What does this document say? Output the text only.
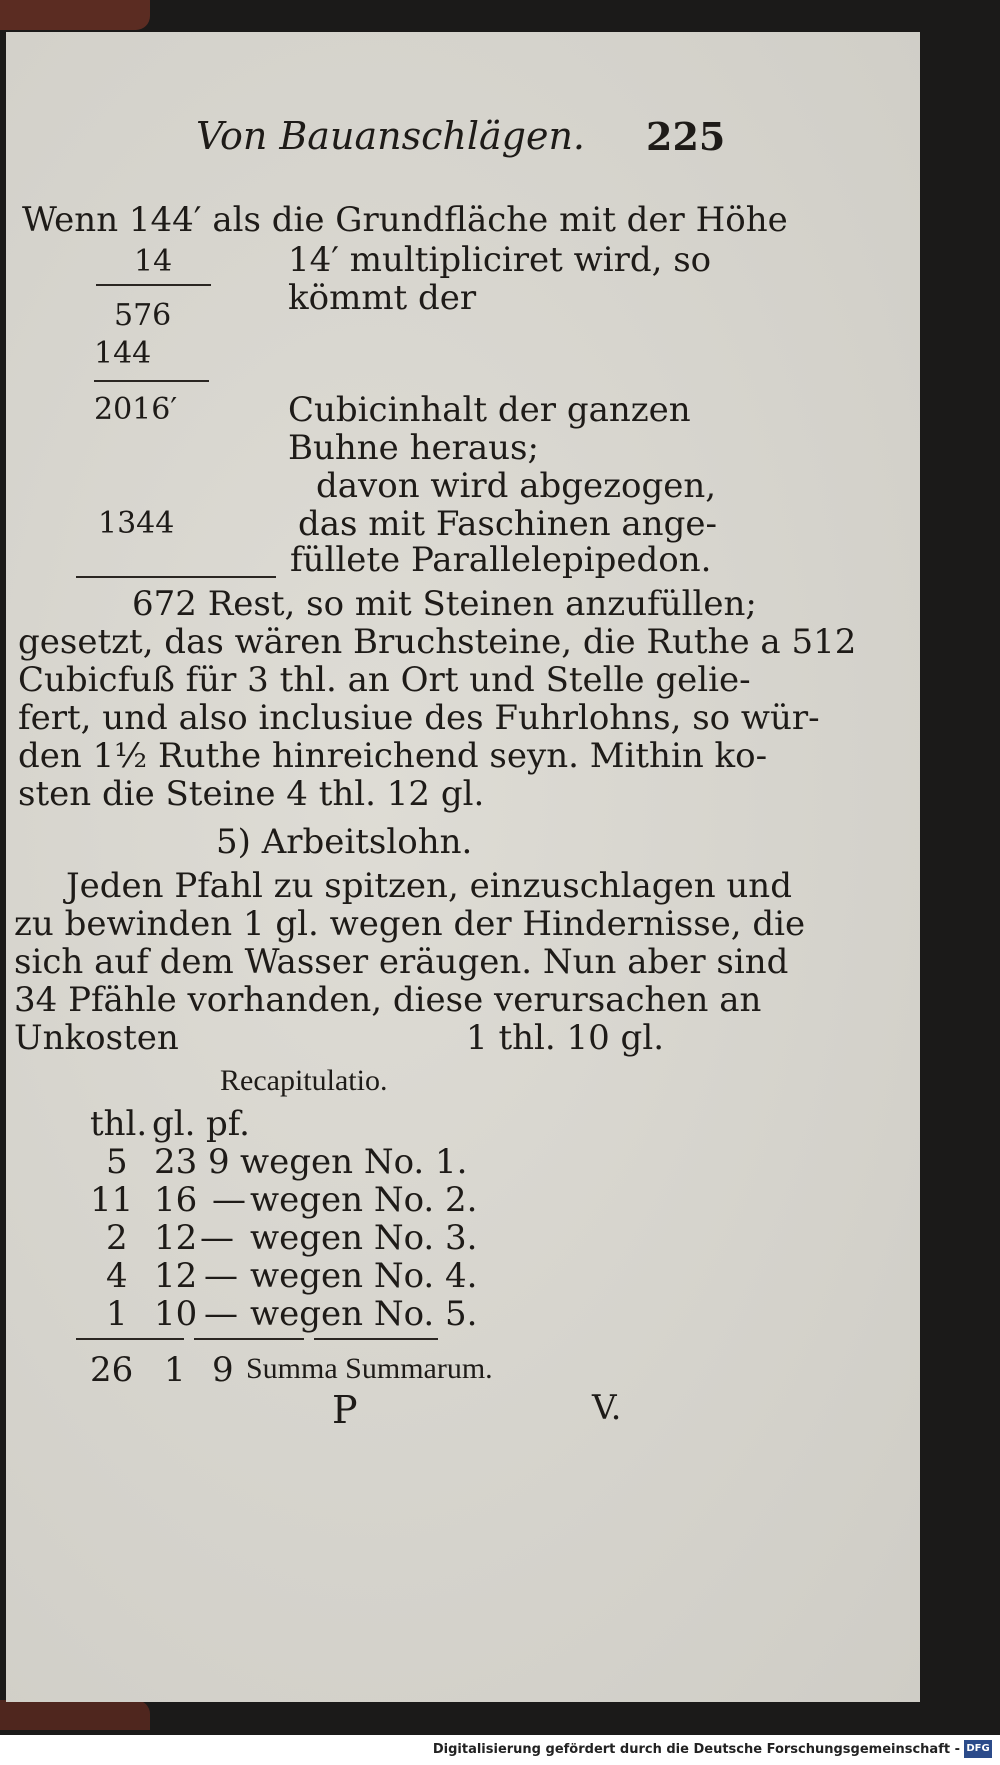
Von Bauanschlägen. 225
Wenn 144′ als die Grundfläche mit der Höhe
14	14′ multipliciret wird, so
kömmt der
576
144
2016′	Cubicinhalt der ganzen
Buhne heraus;
davon wird abgezogen,
1344	das mit Faschinen ange-
füllete Parallelepipedon.
672 Rest, so mit Steinen anzufüllen;
gesetzt, das wären Bruchsteine, die Ruthe a 512
Cubicfuß für 3 thl. an Ort und Stelle gelie-
fert, und also inclusiue des Fuhrlohns, so wür-
den 1½ Ruthe hinreichend seyn. Mithin ko-
sten die Steine 4 thl. 12 gl.
5) Arbeitslohn.
Jeden Pfahl zu spitzen, einzuschlagen und
zu bewinden 1 gl. wegen der Hindernisse, die
sich auf dem Wasser eräugen. Nun aber sind
34 Pfähle vorhanden, diese verursachen an
Unkosten	1 thl. 10 gl.
Recapitulatio.
thl. gl. pf.
5 23 9 wegen No. 1.
11 16 — wegen No. 2.
2 12 — wegen No. 3.
4 12 — wegen No. 4.
1 10 — wegen No. 5.
26 1 9 Summa Summarum.
P	V.
Digitalisierung gefördert durch die Deutsche Forschungsgemeinschaft - DFG
